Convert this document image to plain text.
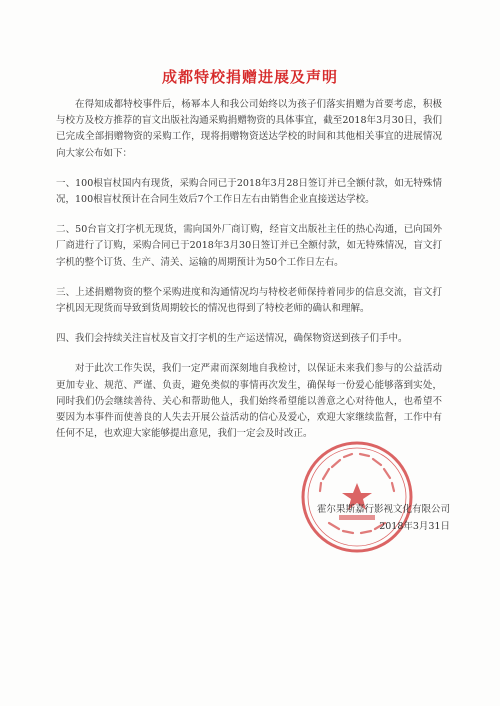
成都特校捐赠进展及声明

在得知成都特校事件后，杨幂本人和我公司始终以为孩子们落实捐赠为首要考虑，积极与校方及校方推荐的盲文出版社沟通采购捐赠物资的具体事宜，截至2018年3月30日，我们已完成全部捐赠物资的采购工作，现将捐赠物资送达学校的时间和其他相关事宜的进展情况向大家公布如下：

一、100根盲杖国内有现货，采购合同已于2018年3月28日签订并已全额付款，如无特殊情况，100根盲杖预计在合同生效后7个工作日左右由销售企业直接送达学校。

二、50台盲文打字机无现货，需向国外厂商订购，经盲文出版社主任的热心沟通，已向国外厂商进行了订购，采购合同已于2018年3月30日签订并已全额付款，如无特殊情况，盲文打字机的整个订货、生产、清关、运输的周期预计为50个工作日左右。

三、上述捐赠物资的整个采购进度和沟通情况均与特校老师保持着同步的信息交流，盲文打字机因无现货而导致到货周期较长的情况也得到了特校老师的确认和理解。

四、我们会持续关注盲杖及盲文打字机的生产运送情况，确保物资送到孩子们手中。

对于此次工作失误，我们一定严肃而深刻地自我检讨，以保证未来我们参与的公益活动更加专业、规范、严谨、负责，避免类似的事情再次发生，确保每一份爱心能够落到实处，同时我们仍会继续善待、关心和帮助他人，我们始终希望能以善意之心对待他人，也希望不要因为本事件而使善良的人失去开展公益活动的信心及爱心，欢迎大家继续监督，工作中有任何不足，也欢迎大家能够提出意见，我们一定会及时改正。

霍尔果斯嘉行影视文化有限公司
2018年3月31日
